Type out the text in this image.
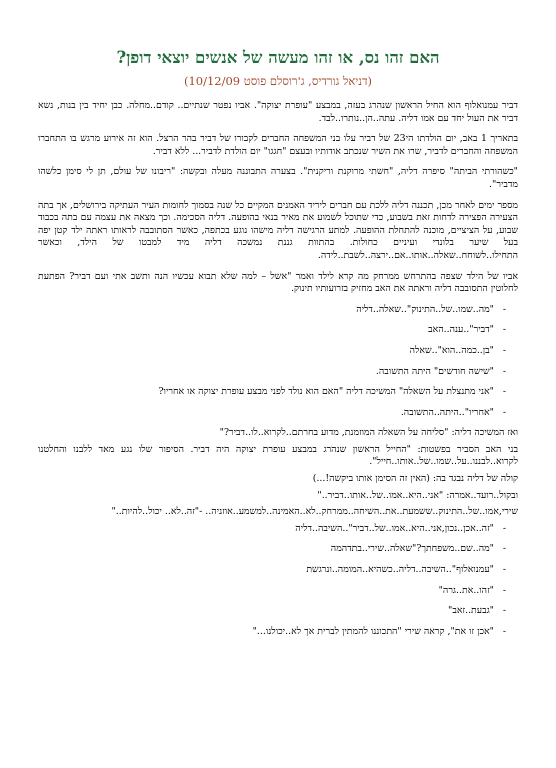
האם זהו נס, או זהו מעשה של אנשים יוצאי דופן?
(דניאל גורדיס, ג'רוסלם פוסט 10/12/09)

דביר עמנואלוף הוא החיל הראשון שנהרג בעזה, במבצע "עופרת יצוקה". אביו נפטר שנתיים.. קודם..מחלה. כבן יחיד בין בנות, נשא דביר את העול יחד עם אמו דליה. עתה..הן..נותרו..לבד.

בתאריך 1 באב, יום הולדתו הי23 של דביר עלו בני המשפחה החברים לקבורו של דביר בהר הרצל. הוא זה אירוע מרגש בו התחברו המשפחה והחברים לדביר, שרו את השיר שנכתב אודותיו ובעצם "חגגו" יום הולדת לדביר... ללא דביר.

"כשהורתי הביתה" סיפרה דליה, "חשתי מרוקנת וריקנית". בצערה התבוננה מעלה ובקשה: "ריבונו של עולם, תן לי סימן כלשהו מדביר".

מספר ימים לאחר מכן, תכננה דליה ללכת עם חברים ליריד האמנים המקיים כל שנה בסמוך לחומות העיר העתיקה בירושלים, אך בתה הצעירה הפצירה לדחות זאת בשבוע, כדי שתוכל לשמוע את מאיר בנאי בהופעה. דליה הסכימה. וכך מצאה את עצמה עם בתה בכבוד שבוע, על הציציים, מוכנה להתחלת ההופעה. למתע הרגישה דליה מישהו נוגע בכתפה, כאשר הסתובבה לראותו ראתה ילד קטן יפה בעל שיער בלונדי ועיניים כחולות. בהתוות גננת נמשכה דליה מיד למבטו של הילד, וכאשר התחילו..לשוחח..שאלה..אותו..אם..ירצה..לשבת..לידה.

אביו של הילד שצפה בהתרחש ממרחק מה קרא לילד ואמר "אשל – למה שלא תבוא עכשיו הנה ותשב אתי ועם דביר? הפתעת לחלוטין התסובבה דליה וראתה את האב מחזיק בזרועותיו תינוק.

- "מה..שמו..של..התינוק"..שאלה..דליה
- "דביר"..ענה..האב
- "בן..כמה..הוא"..שאלה
- "שישה חודשים" היתה התשובה.
- "אני מתנצלת על השאלה" המשיכה דליה "האם הוא נולד לפני מבצע עופרת יצוקה או אחריו?
- "אחריו"..היתה..התשובה.

ואז המשיכה דליה: "סליחה על השאלה המוזמנת, מדוע בחרתם..לקרוא..לו..דביר?"

בני האב הסביר בפשטות: "החייל הראשון שנהרג במבצע עופרת יצוקה היה דביר. הסיפור שלו נגע מאד ללבנו והחלטנו לקרוא..לבננו..על..שמו..של..אותו..חייל".

קולה של דליה נבגד בה: (האין זה הסימן אותו ביקשה!...)

ובקול..רועד..אמרה: "אני..היא..אמו..של..אותו..דביר.."

שירי,אמו..של..התינוק..ששמעת..את..השיחה..ממרחק..לא..האמינה..למשמע..אוזניה.. -"זה..לא.. יכול..להיות.."

- "זה..אכן..נכון,אני..היא..אמו..של..דביר"..השיבה..דליה
- "מה..שם..משפחתך?"שאלה..שירי..בתדהמה
- "עמנואלוף"..השיבה..דליה..כשהיא..המומה..ונרגשת
- "זהו..את..גרה"
- "גבעת..זאב"
- "אכן זו את", קראה שירי "התכוננו להמתין לברית אך לא..יכולנו..."
